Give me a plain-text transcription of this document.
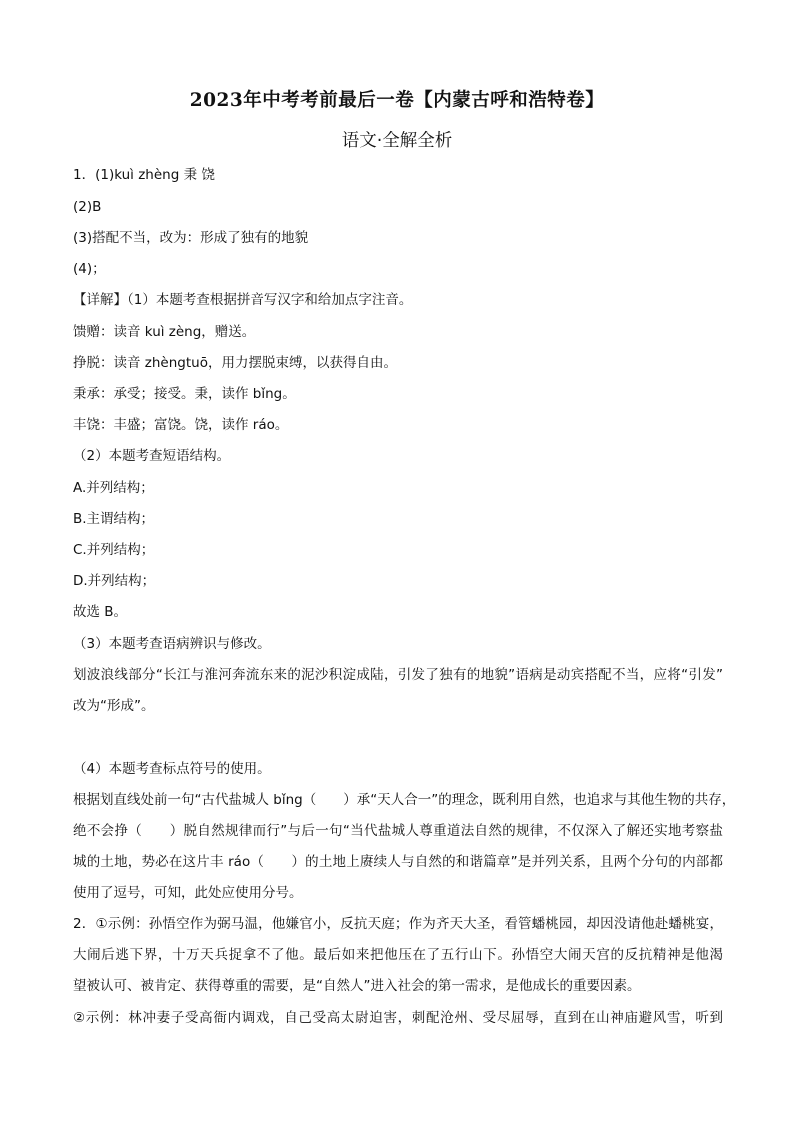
2023年中考考前最后一卷【内蒙古呼和浩特卷】
语文·全解全析
1．(1)kuì zhèng 秉 饶
(2)B
(3)搭配不当，改为：形成了独有的地貌
(4)；
【详解】（1）本题考查根据拼音写汉字和给加点字注音。
馈赠：读音 kuì zèng，赠送。
挣脱：读音 zhèngtuō，用力摆脱束缚，以获得自由。
秉承：承受；接受。秉，读作 bǐng。
丰饶：丰盛；富饶。饶，读作 ráo。
（2）本题考查短语结构。
A.并列结构；
B.主谓结构；
C.并列结构；
D.并列结构；
故选 B。
（3）本题考查语病辨识与修改。
划波浪线部分“长江与淮河奔流东来的泥沙积淀成陆，引发了独有的地貌”语病是动宾搭配不当，应将“引发”
改为“形成”。
（4）本题考查标点符号的使用。
根据划直线处前一句“古代盐城人 bǐng（　　）承“天人合一”的理念，既利用自然，也追求与其他生物的共存，
绝不会挣（　　）脱自然规律而行”与后一句“当代盐城人尊重道法自然的规律，不仅深入了解还实地考察盐
城的土地，势必在这片丰 ráo（　　）的土地上赓续人与自然的和谐篇章”是并列关系，且两个分句的内部都
使用了逗号，可知，此处应使用分号。
2．①示例：孙悟空作为弼马温，他嫌官小，反抗天庭；作为齐天大圣，看管蟠桃园，却因没请他赴蟠桃宴，
大闹后逃下界，十万天兵捉拿不了他。最后如来把他压在了五行山下。孙悟空大闹天宫的反抗精神是他渴
望被认可、被肯定、获得尊重的需要，是“自然人”进入社会的第一需求，是他成长的重要因素。
②示例：林冲妻子受高衙内调戏，自己受高太尉迫害，刺配沧州、受尽屈辱，直到在山神庙避风雪，听到
